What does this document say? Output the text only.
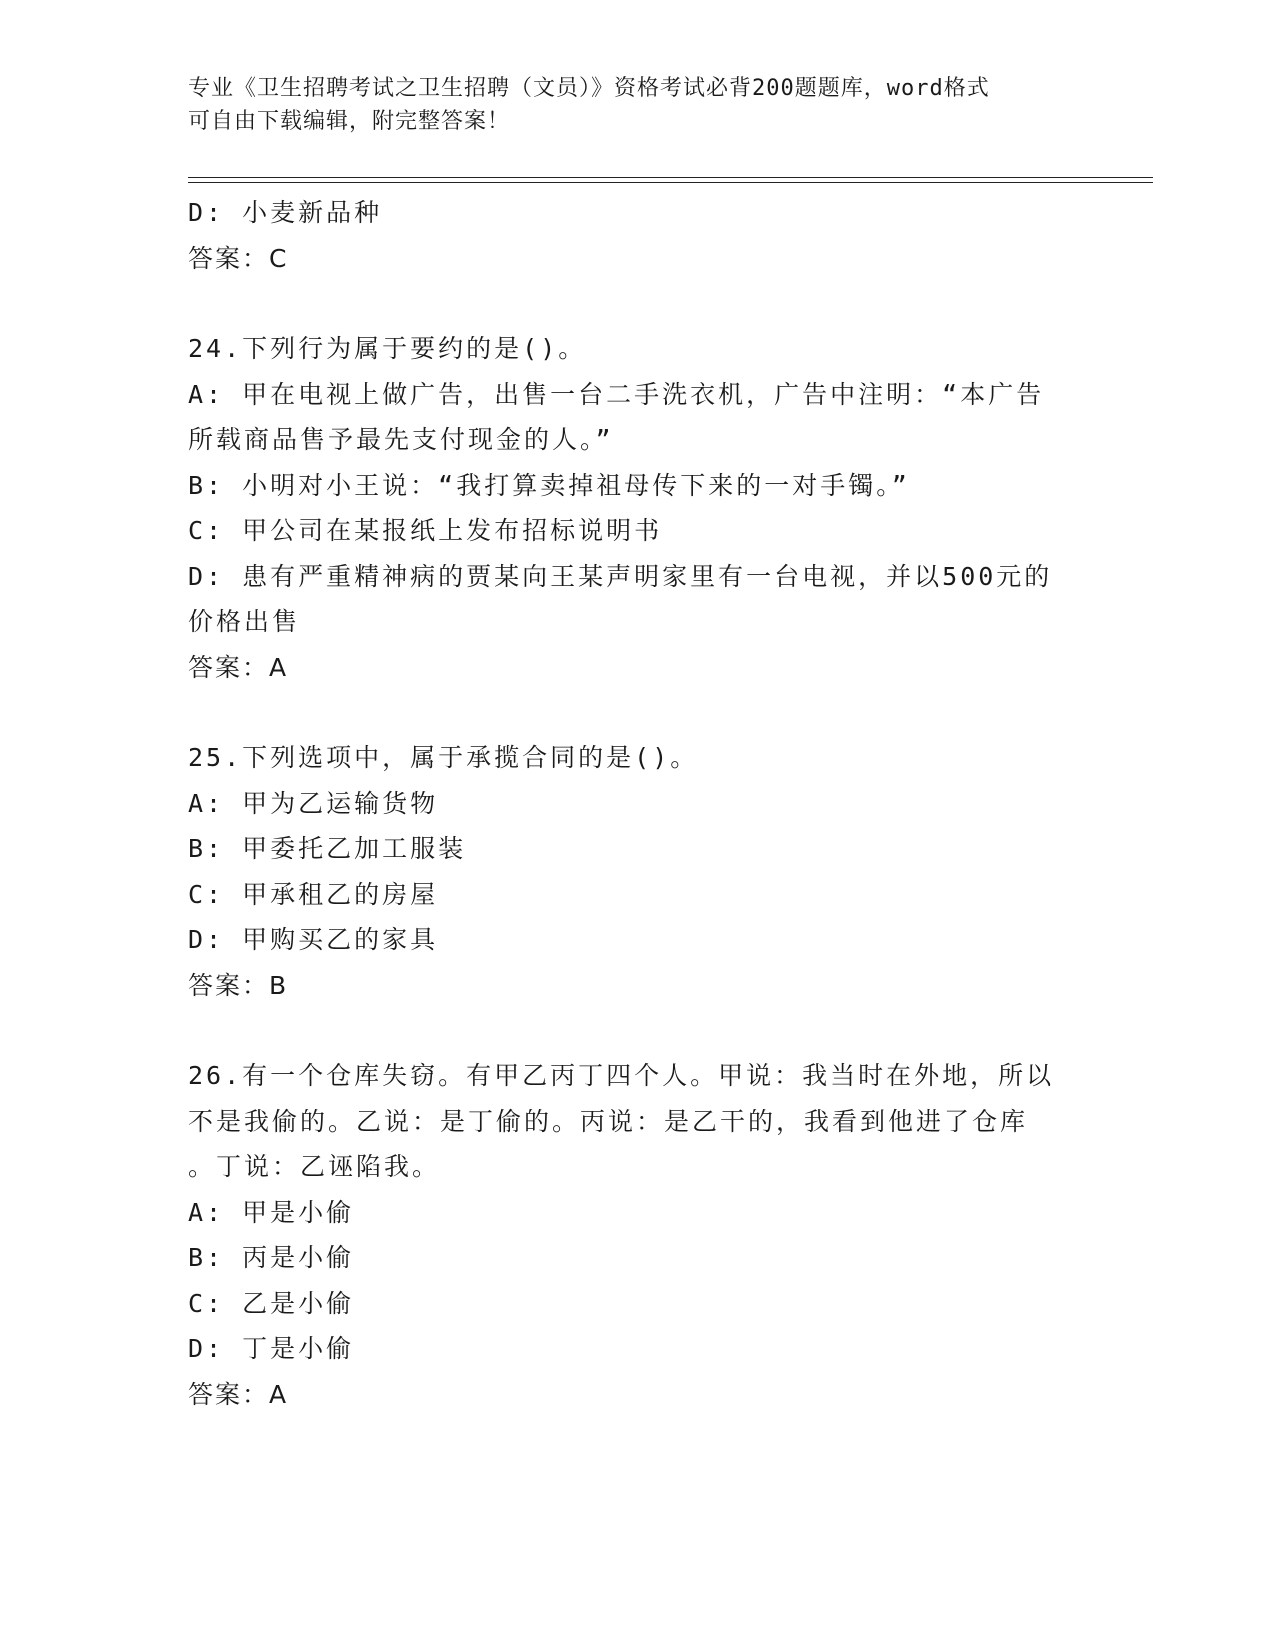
专业《卫生招聘考试之卫生招聘（文员）》资格考试必背200题题库，word格式
可自由下载编辑，附完整答案！
D: 小麦新品种
答案：C
24.下列行为属于要约的是()。
A: 甲在电视上做广告，出售一台二手洗衣机，广告中注明：“本广告
所载商品售予最先支付现金的人。”
B: 小明对小王说：“我打算卖掉祖母传下来的一对手镯。”
C: 甲公司在某报纸上发布招标说明书
D: 患有严重精神病的贾某向王某声明家里有一台电视，并以500元的
价格出售
答案：A
25.下列选项中，属于承揽合同的是()。
A: 甲为乙运输货物
B: 甲委托乙加工服装
C: 甲承租乙的房屋
D: 甲购买乙的家具
答案：B
26.有一个仓库失窃。有甲乙丙丁四个人。甲说：我当时在外地，所以
不是我偷的。乙说：是丁偷的。丙说：是乙干的，我看到他进了仓库
。丁说：乙诬陷我。
A: 甲是小偷
B: 丙是小偷
C: 乙是小偷
D: 丁是小偷
答案：A
